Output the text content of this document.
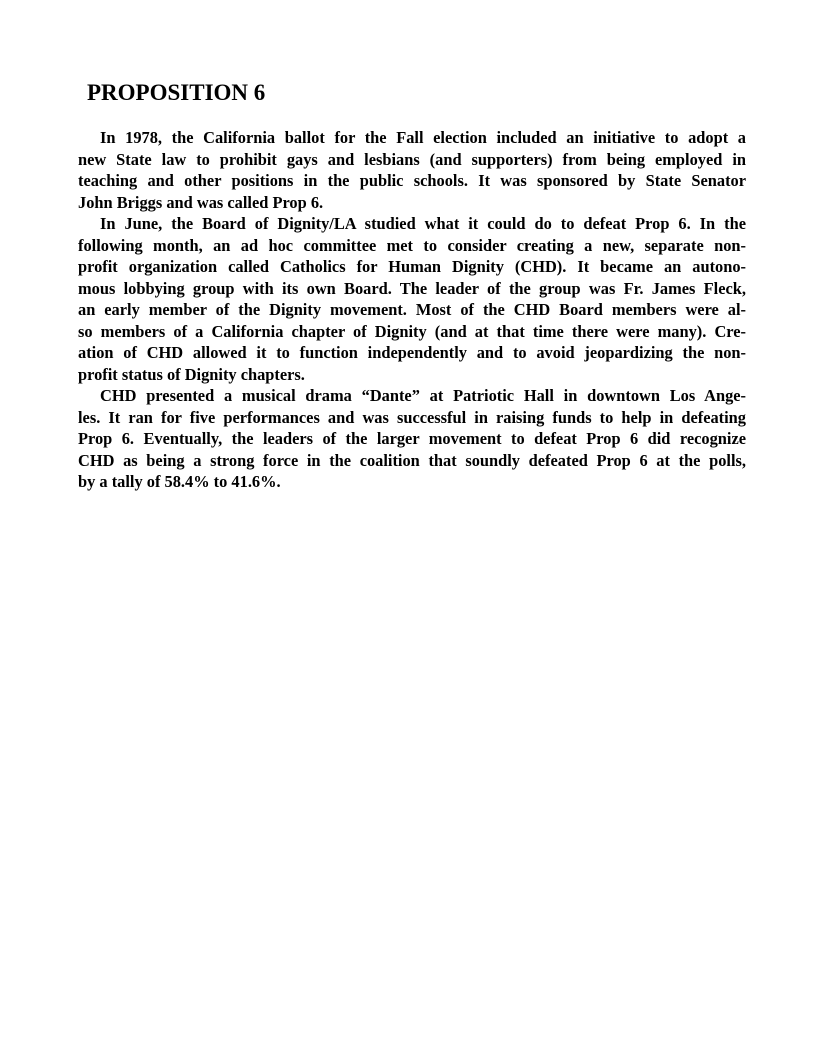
PROPOSITION 6
In 1978, the California ballot for the Fall election included an initiative to adopt a
new State law to prohibit gays and lesbians (and supporters) from being employed in
teaching and other positions in the public schools. It was sponsored by State Senator
John Briggs and was called Prop 6.
In June, the Board of Dignity/LA studied what it could do to defeat Prop 6. In the
following month, an ad hoc committee met to consider creating a new, separate non-
profit organization called Catholics for Human Dignity (CHD). It became an autono-
mous lobbying group with its own Board. The leader of the group was Fr. James Fleck,
an early member of the Dignity movement. Most of the CHD Board members were al-
so members of a California chapter of Dignity (and at that time there were many). Cre-
ation of CHD allowed it to function independently and to avoid jeopardizing the non-
profit status of Dignity chapters.
CHD presented a musical drama “Dante” at Patriotic Hall in downtown Los Ange-
les. It ran for five performances and was successful in raising funds to help in defeating
Prop 6. Eventually, the leaders of the larger movement to defeat Prop 6 did recognize
CHD as being a strong force in the coalition that soundly defeated Prop 6 at the polls,
by a tally of 58.4% to 41.6%.
